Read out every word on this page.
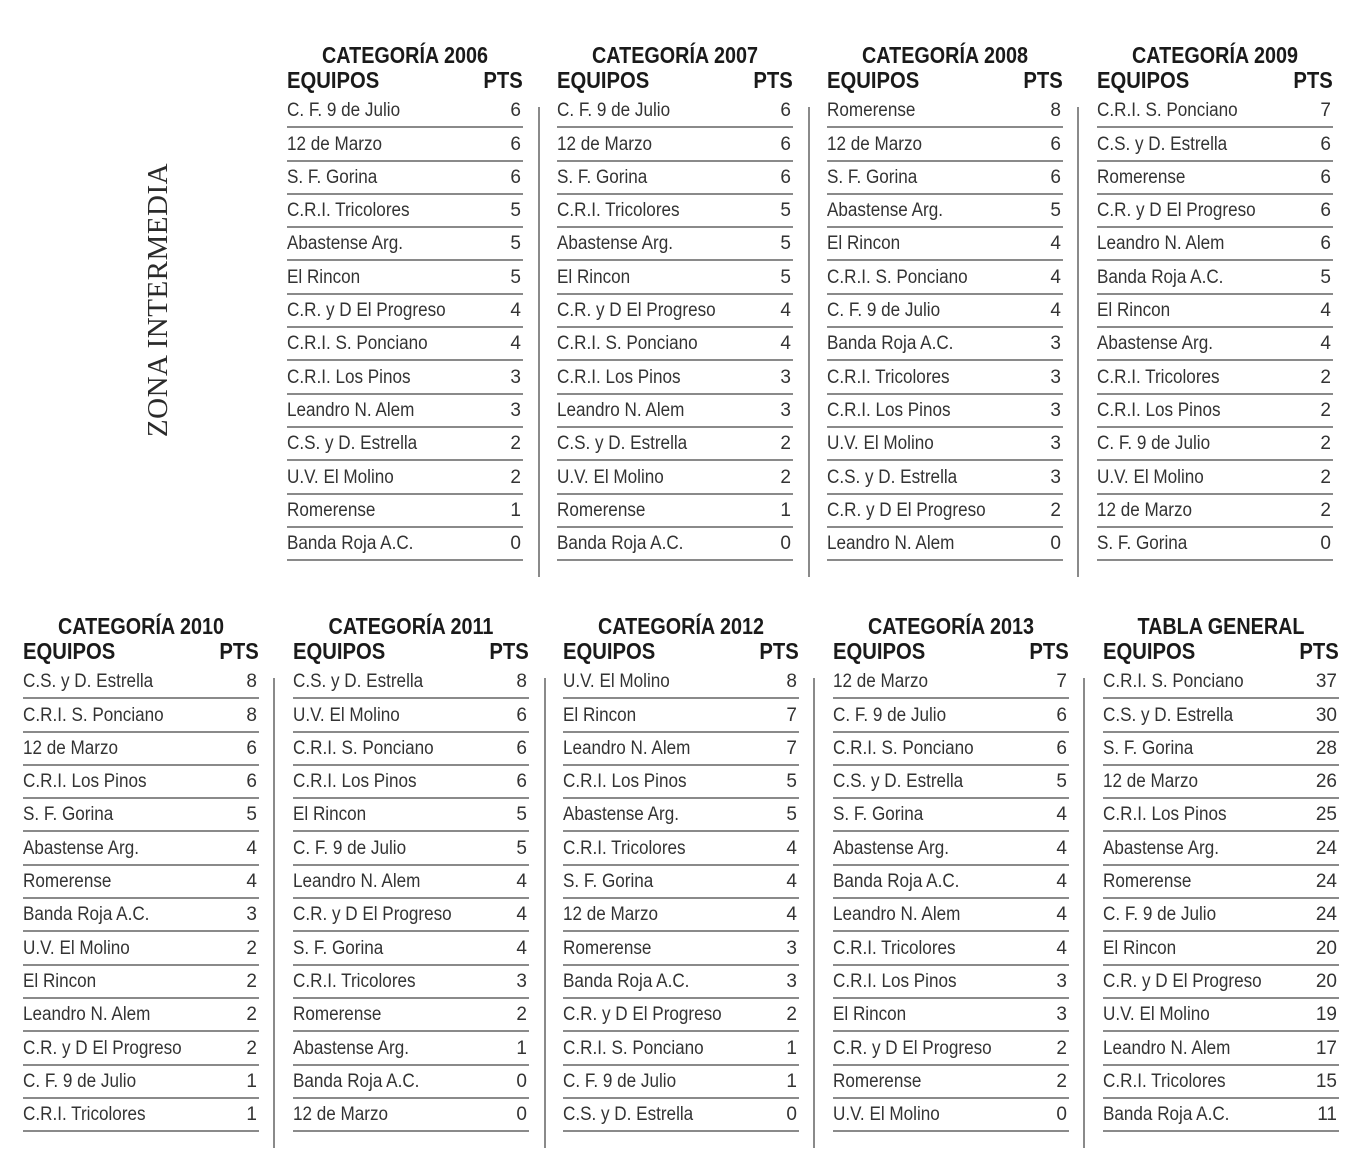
ZONA INTERMEDIA
CATEGORÍA 2006
EQUIPOS	PTS
C. F. 9 de Julio	6
12 de Marzo	6
S. F. Gorina	6
C.R.I. Tricolores	5
Abastense Arg.	5
El Rincon	5
C.R. y D El Progreso	4
C.R.I. S. Ponciano	4
C.R.I. Los Pinos	3
Leandro N. Alem	3
C.S. y D. Estrella	2
U.V. El Molino	2
Romerense	1
Banda Roja A.C.	0
CATEGORÍA 2007
EQUIPOS	PTS
C. F. 9 de Julio	6
12 de Marzo	6
S. F. Gorina	6
C.R.I. Tricolores	5
Abastense Arg.	5
El Rincon	5
C.R. y D El Progreso	4
C.R.I. S. Ponciano	4
C.R.I. Los Pinos	3
Leandro N. Alem	3
C.S. y D. Estrella	2
U.V. El Molino	2
Romerense	1
Banda Roja A.C.	0
CATEGORÍA 2008
EQUIPOS	PTS
Romerense	8
12 de Marzo	6
S. F. Gorina	6
Abastense Arg.	5
El Rincon	4
C.R.I. S. Ponciano	4
C. F. 9 de Julio	4
Banda Roja A.C.	3
C.R.I. Tricolores	3
C.R.I. Los Pinos	3
U.V. El Molino	3
C.S. y D. Estrella	3
C.R. y D El Progreso	2
Leandro N. Alem	0
CATEGORÍA 2009
EQUIPOS	PTS
C.R.I. S. Ponciano	7
C.S. y D. Estrella	6
Romerense	6
C.R. y D El Progreso	6
Leandro N. Alem	6
Banda Roja A.C.	5
El Rincon	4
Abastense Arg.	4
C.R.I. Tricolores	2
C.R.I. Los Pinos	2
C. F. 9 de Julio	2
U.V. El Molino	2
12 de Marzo	2
S. F. Gorina	0
CATEGORÍA 2010
EQUIPOS	PTS
C.S. y D. Estrella	8
C.R.I. S. Ponciano	8
12 de Marzo	6
C.R.I. Los Pinos	6
S. F. Gorina	5
Abastense Arg.	4
Romerense	4
Banda Roja A.C.	3
U.V. El Molino	2
El Rincon	2
Leandro N. Alem	2
C.R. y D El Progreso	2
C. F. 9 de Julio	1
C.R.I. Tricolores	1
CATEGORÍA 2011
EQUIPOS	PTS
C.S. y D. Estrella	8
U.V. El Molino	6
C.R.I. S. Ponciano	6
C.R.I. Los Pinos	6
El Rincon	5
C. F. 9 de Julio	5
Leandro N. Alem	4
C.R. y D El Progreso	4
S. F. Gorina	4
C.R.I. Tricolores	3
Romerense	2
Abastense Arg.	1
Banda Roja A.C.	0
12 de Marzo	0
CATEGORÍA 2012
EQUIPOS	PTS
U.V. El Molino	8
El Rincon	7
Leandro N. Alem	7
C.R.I. Los Pinos	5
Abastense Arg.	5
C.R.I. Tricolores	4
S. F. Gorina	4
12 de Marzo	4
Romerense	3
Banda Roja A.C.	3
C.R. y D El Progreso	2
C.R.I. S. Ponciano	1
C. F. 9 de Julio	1
C.S. y D. Estrella	0
CATEGORÍA 2013
EQUIPOS	PTS
12 de Marzo	7
C. F. 9 de Julio	6
C.R.I. S. Ponciano	6
C.S. y D. Estrella	5
S. F. Gorina	4
Abastense Arg.	4
Banda Roja A.C.	4
Leandro N. Alem	4
C.R.I. Tricolores	4
C.R.I. Los Pinos	3
El Rincon	3
C.R. y D El Progreso	2
Romerense	2
U.V. El Molino	0
TABLA GENERAL
EQUIPOS	PTS
C.R.I. S. Ponciano	37
C.S. y D. Estrella	30
S. F. Gorina	28
12 de Marzo	26
C.R.I. Los Pinos	25
Abastense Arg.	24
Romerense	24
C. F. 9 de Julio	24
El Rincon	20
C.R. y D El Progreso	20
U.V. El Molino	19
Leandro N. Alem	17
C.R.I. Tricolores	15
Banda Roja A.C.	11
